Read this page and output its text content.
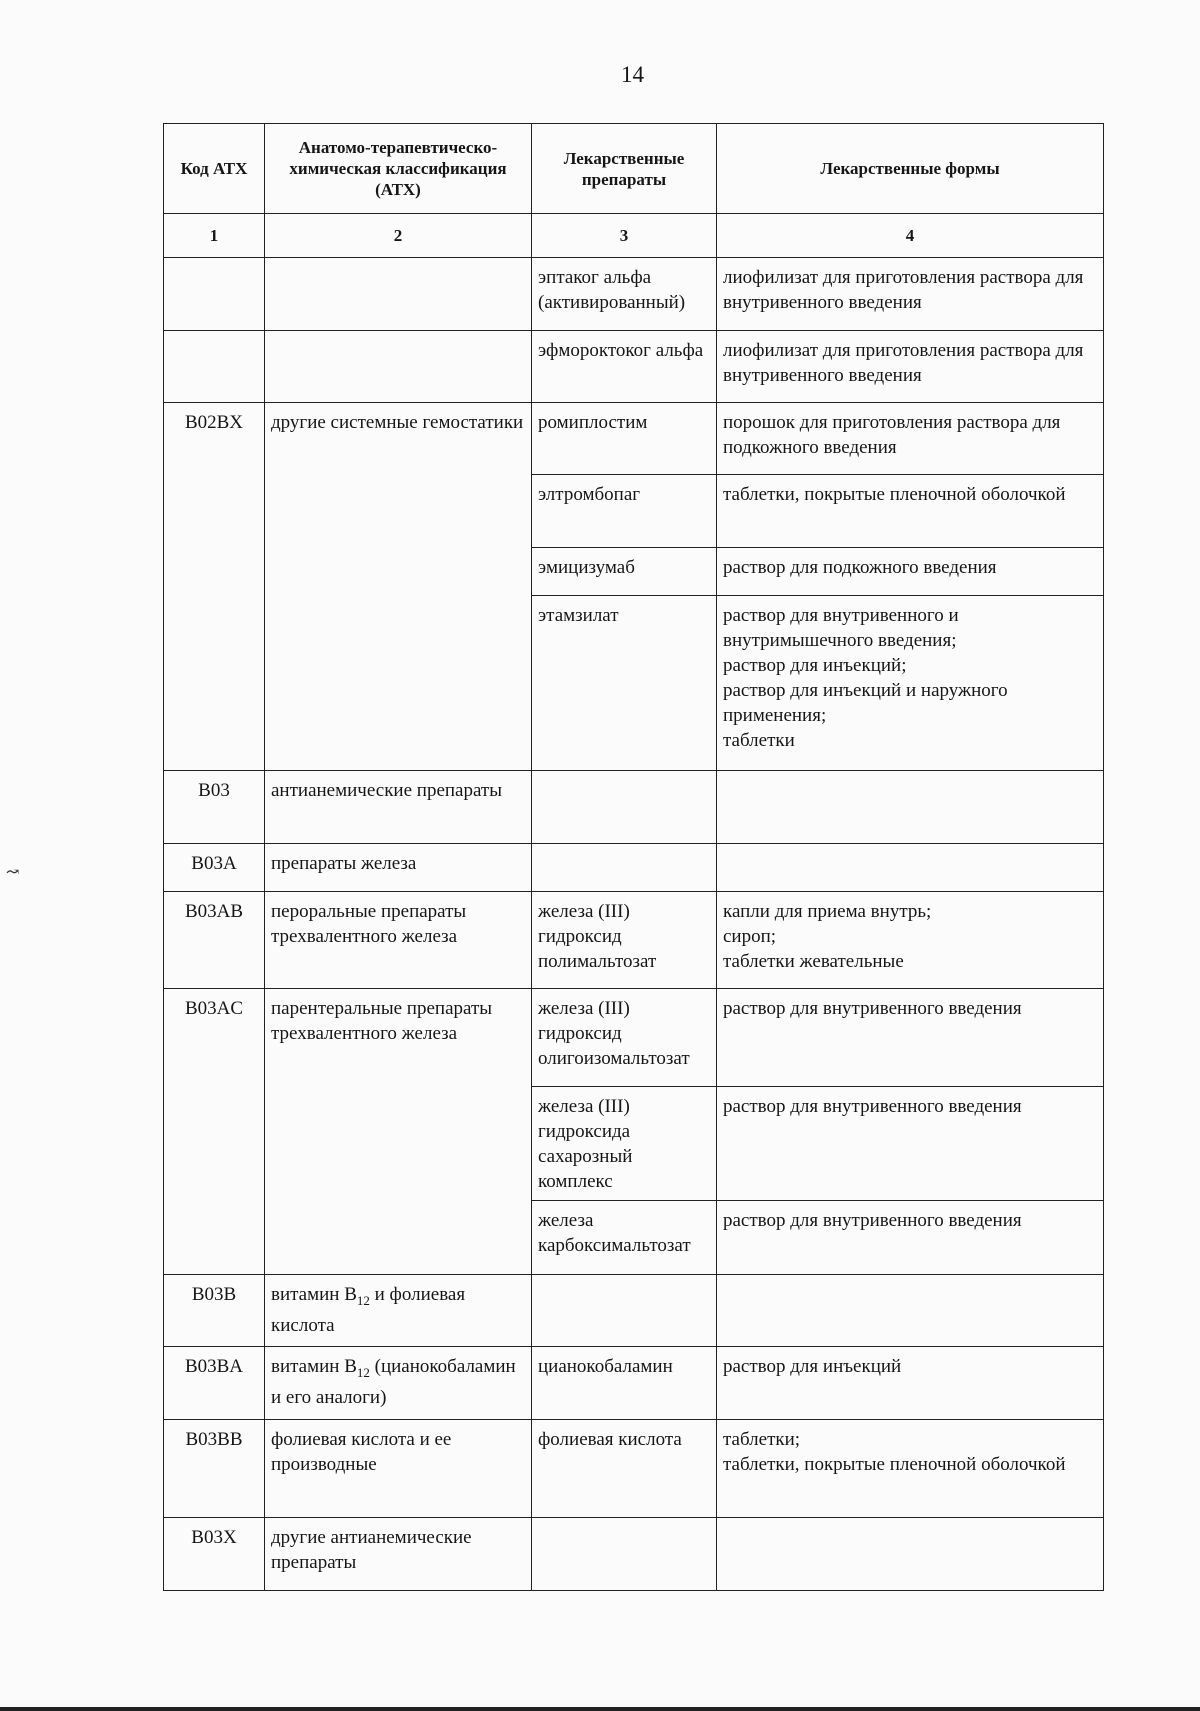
14
Код АТХ	Анатомо-терапевтическо-химическая классификация (АТХ)	Лекарственные препараты	Лекарственные формы
1	2	3	4
		эптаког альфа (активированный)	лиофилизат для приготовления раствора для внутривенного введения
		эфмороктоког альфа	лиофилизат для приготовления раствора для внутривенного введения
B02BX	другие системные гемостатики	ромиплостим	порошок для приготовления раствора для подкожного введения
		элтромбопаг	таблетки, покрытые пленочной оболочкой
		эмицизумаб	раствор для подкожного введения
		этамзилат	раствор для внутривенного и внутримышечного введения;
раствор для инъекций;
раствор для инъекций и наружного применения;
таблетки

B03	антианемические препараты		
B03A	препараты железа		
B03AB	пероральные препараты трехвалентного железа	железа (III) гидроксид полимальтозат	капли для приема внутрь;
сироп;
таблетки жевательные

B03AC	парентеральные препараты трехвалентного железа	железа (III) гидроксид олигоизомальтозат	раствор для внутривенного введения
		железа (III) гидроксида сахарозный комплекс	раствор для внутривенного введения
		железа карбоксимальтозат	раствор для внутривенного введения
B03B	витамин $B_{12}$ и фолиевая кислота		
B03BA	витамин $B_{12}$ (цианокобаламин и его аналоги)	цианокобаламин	раствор для инъекций
B03BB	фолиевая кислота и ее производные	фолиевая кислота	таблетки;
таблетки, покрытые пленочной оболочкой

B03X	другие антианемические препараты		
↝
